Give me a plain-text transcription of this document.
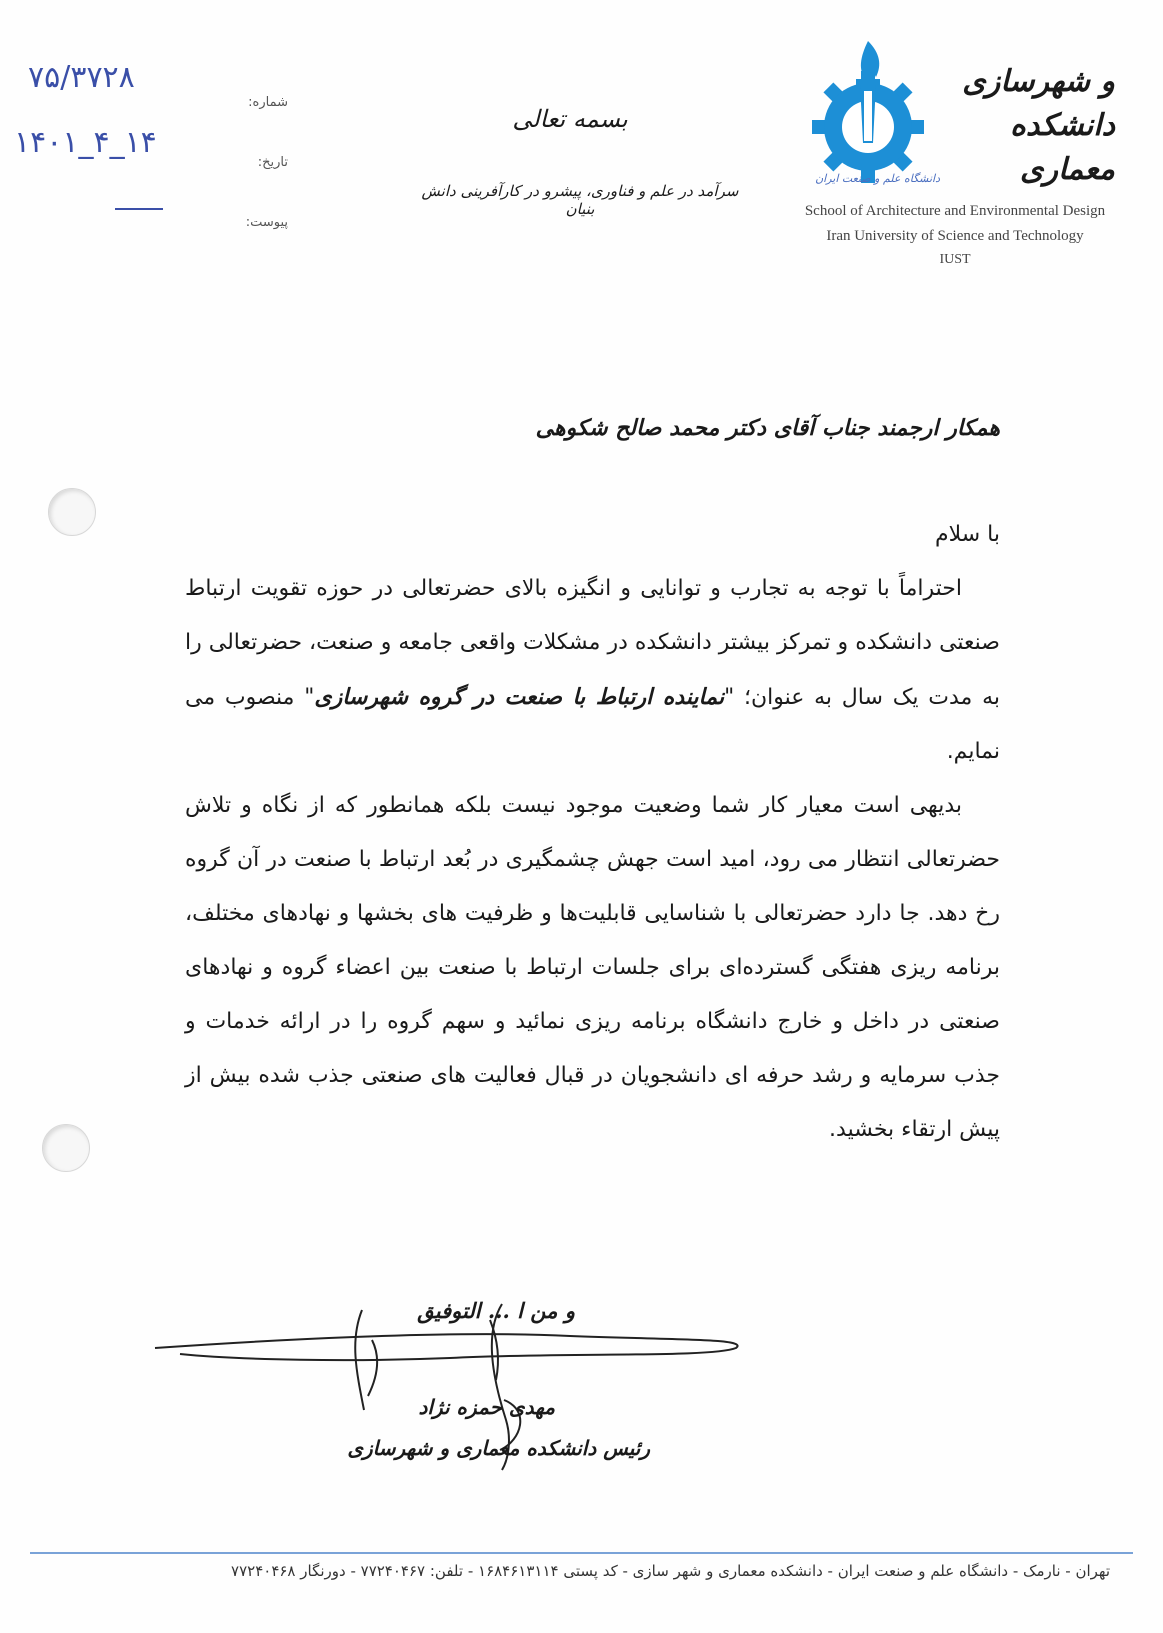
۷۵/۳۷۲۸
۱۴۰۱_۴_۱۴
شماره:
تاریخ:
پیوست:
بسمه تعالی
سرآمد در علم و فناوری، پیشرو در کارآفرینی دانش بنیان
دانشگاه علم و صنعت ایران
و شهرسازی
دانشکده معماری
School of Architecture and Environmental Design
Iran University of Science and Technology
IUST
همکار ارجمند جناب آقای دکتر محمد صالح شکوهی

با سلام

احتراماً با توجه به تجارب و توانایی و انگیزه بالای حضرتعالی در حوزه تقویت ارتباط صنعتی دانشکده و تمرکز بیشتر دانشکده در مشکلات واقعی جامعه و صنعت، حضرتعالی را به مدت یک سال به عنوان؛ "نماینده ارتباط با صنعت در گروه شهرسازی" منصوب می نمایم.

بدیهی است معیار کار شما وضعیت موجود نیست بلکه همانطور که از نگاه و تلاش حضرتعالی انتظار می رود، امید است جهش چشمگیری در بُعد ارتباط با صنعت در آن گروه رخ دهد. جا دارد حضرتعالی با شناسایی قابلیت‌ها و ظرفیت های بخشها و نهادهای مختلف، برنامه ریزی هفتگی گسترده‌ای برای جلسات ارتباط با صنعت بین اعضاء گروه و نهادهای صنعتی در داخل و خارج دانشگاه برنامه ریزی نمائید و سهم گروه را در ارائه خدمات و جذب سرمایه و رشد حرفه ای دانشجویان در قبال فعالیت های صنعتی جذب شده بیش از پیش ارتقاء بخشید.

و من ا ... التوفیق
مهدی حمزه نژاد
رئیس دانشکده معماری و شهرسازی
تهران - نارمک - دانشگاه علم و صنعت ایران - دانشکده معماری و شهر سازی - کد پستی ۱۶۸۴۶۱۳۱۱۴ - تلفن: ۷۷۲۴۰۴۶۷ - دورنگار ۷۷۲۴۰۴۶۸
